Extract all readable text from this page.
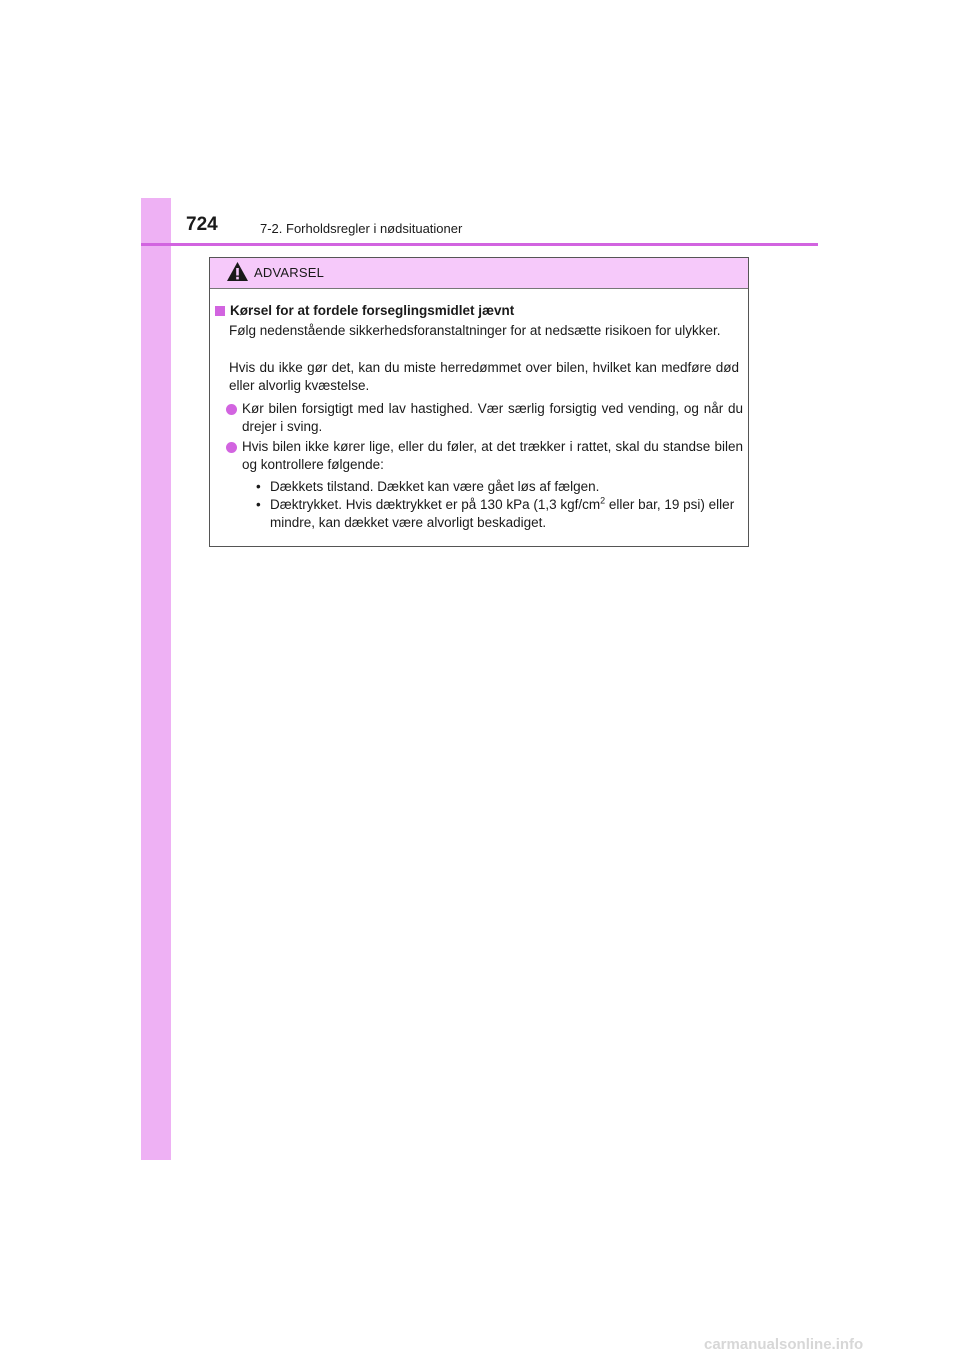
724	7-2. Forholdsregler i nødsituationer
ADVARSEL
Kørsel for at fordele forseglingsmidlet jævnt
Følg nedenstående sikkerhedsforanstaltninger for at nedsætte risikoen for ulykker.
Hvis du ikke gør det, kan du miste herredømmet over bilen, hvilket kan medføre død eller alvorlig kvæstelse.
Kør bilen forsigtigt med lav hastighed. Vær særlig forsigtig ved vending, og når du drejer i sving.
Hvis bilen ikke kører lige, eller du føler, at det trækker i rattet, skal du standse bilen og kontrollere følgende:
• Dækkets tilstand. Dækket kan være gået løs af fælgen.
• Dæktrykket. Hvis dæktrykket er på 130 kPa (1,3 kgf/$cm^2$ eller bar, 19 psi) eller mindre, kan dækket være alvorligt beskadiget.
carmanualsonline.info
